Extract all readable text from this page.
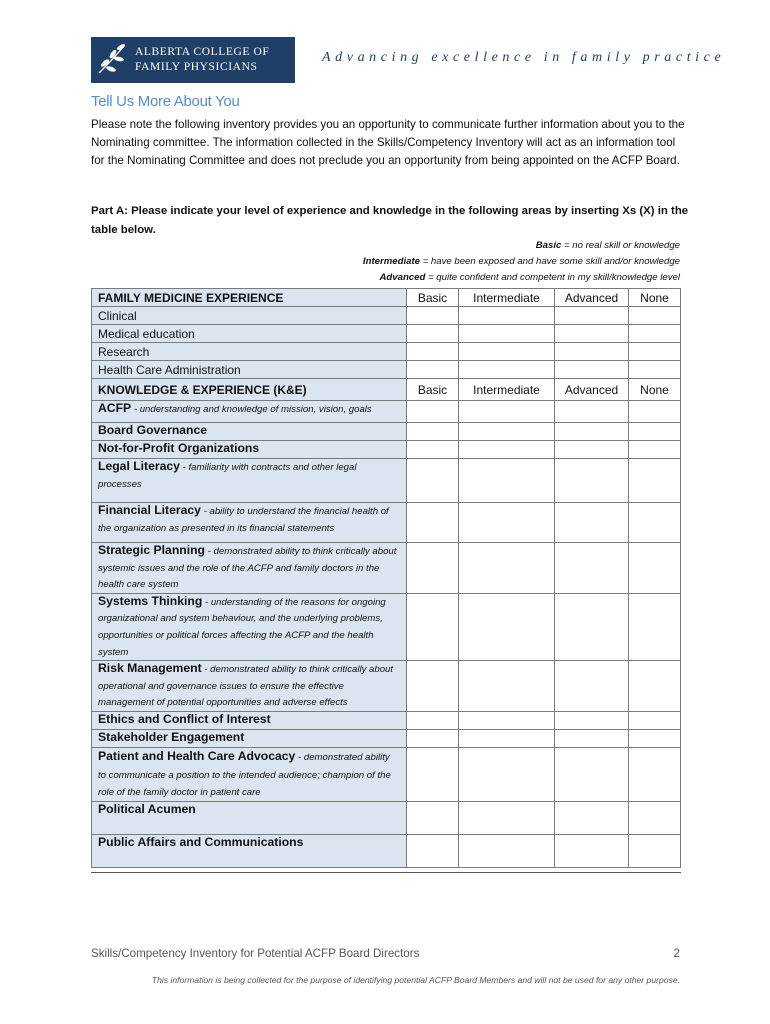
ALBERTA COLLEGE OF
FAMILY PHYSICIANS
Advancing excellence in family practice
Tell Us More About You
Please note the following inventory provides you an opportunity to communicate further information about you to the Nominating committee. The information collected in the Skills/Competency Inventory will act as an information tool for the Nominating Committee and does not preclude you an opportunity from being appointed on the ACFP Board.
Part A: Please indicate your level of experience and knowledge in the following areas by inserting Xs (X) in the table below.
Basic = no real skill or knowledge
Intermediate = have been exposed and have some skill and/or knowledge
Advanced = quite confident and competent in my skill/knowledge level
FAMILY MEDICINE EXPERIENCE	Basic	Intermediate	Advanced	None
Clinical				
Medical education				
Research				
Health Care Administration				
KNOWLEDGE & EXPERIENCE (K&E)	Basic	Intermediate	Advanced	None
ACFP - understanding and knowledge of mission, vision, goals				
Board Governance				
Not-for-Profit Organizations				
Legal Literacy - familiarity with contracts and other legal processes				
Financial Literacy - ability to understand the financial health of the organization as presented in its financial statements				
Strategic Planning - demonstrated ability to think critically about systemic issues and the role of the ACFP and family doctors in the health care system				
Systems Thinking - understanding of the reasons for ongoing organizational and system behaviour, and the underlying problems, opportunities or political forces affecting the ACFP and the health system				
Risk Management - demonstrated ability to think critically about operational and governance issues to ensure the effective management of potential opportunities and adverse effects				
Ethics and Conflict of Interest				
Stakeholder Engagement				
Patient and Health Care Advocacy - demonstrated ability to communicate a position to the intended audience; champion of the role of the family doctor in patient care				
Political Acumen				
Public Affairs and Communications				
Skills/Competency Inventory for Potential ACFP Board Directors	2
This information is being collected for the purpose of identifying potential ACFP Board Members and will not be used for any other purpose.
